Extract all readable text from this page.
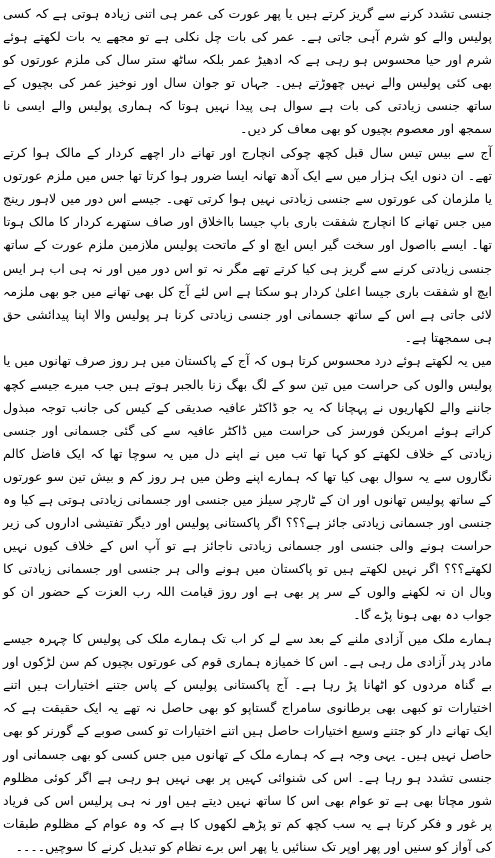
جنسی تشدد کرنے سے گریز کرتے ہیں یا پھر عورت کی عمر ہی اتنی زیادہ ہوتی ہے کہ کسی پولیس والے کو شرم آہی جاتی ہے۔ عمر کی بات چل نکلی ہے تو مجھے یہ بات لکھتے ہوئے شرم اور حیا محسوس ہو رہی ہے کہ ادھیڑ عمر بلکہ ساٹھ ستر سال کی ملزم عورتوں کو بھی کئی پولیس والے نہیں چھوڑتے ہیں۔ جہاں تو جوان سال اور نوخیز عمر کی بچیوں کے ساتھ جنسی زیادتی کی بات ہے سوال ہی پیدا نہیں ہوتا کہ ہماری پولیس والے ایسی نا سمجھ اور معصوم بچیوں کو بھی معاف کر دیں۔

آج سے بیس تیس سال قبل کچھ چوکی انچارج اور تھانے دار اچھے کردار کے مالک ہوا کرتے تھے۔ ان دنوں ایک ہزار میں سے ایک آدھ تھانہ ایسا ضرور ہوا کرتا تھا جس میں ملزم عورتوں یا ملزمان کی عورتوں سے جنسی زیادتی نہیں ہوا کرتی تھی۔ جیسے اس دور میں لاہور رینج میں جس تھانے کا انچارج شفقت باری باپ جیسا بااخلاق اور صاف ستھرے کردار کا مالک ہوتا تھا۔ ایسے بااصول اور سخت گیر ایس ایچ او کے ماتحت پولیس ملازمین ملزم عورت کے ساتھ جنسی زیادتی کرنے سے گریز ہی کیا کرتے تھے مگر نہ تو اس دور میں اور نہ ہی اب ہر ایس ایچ او شفقت باری جیسا اعلیٰ کردار ہو سکتا ہے اس لئے آج کل بھی تھانے میں جو بھی ملزمہ لائی جاتی ہے اس کے ساتھ جسمانی اور جنسی زیادتی کرنا ہر پولیس والا اپنا پیدائشی حق ہی سمجھتا ہے۔

میں یہ لکھتے ہوئے درد محسوس کرتا ہوں کہ آج کے پاکستان میں ہر روز صرف تھانوں میں یا پولیس والوں کی حراست میں تین سو کے لگ بھگ زنا بالجبر ہوتے ہیں جب میرے جیسے کچھ جاننے والے لکھاریوں نے پہچانا کہ یہ جو ڈاکٹر عافیہ صدیقی کے کیس کی جانب توجہ مبذول کراتے ہوئے امریکن فورسز کی حراست میں ڈاکٹر عافیہ سے کی گئی جسمانی اور جنسی زیادتی کے خلاف لکھتے کو کہا تھا تب میں نے اپنے دل میں یہ سوچا تھا کہ ایک فاضل کالم نگاروں سے یہ سوال بھی کیا تھا کہ ہمارے اپنے وطن میں ہر روز کم و بیش تین سو عورتوں کے ساتھ پولیس تھانوں اور ان کے ٹارچر سیلز میں جنسی اور جسمانی زیادتی ہوتی ہے کیا وہ جنسی اور جسمانی زیادتی جائز ہے؟؟؟ اگر پاکستانی پولیس اور دیگر تفتیشی اداروں کی زیر حراست ہونے والی جنسی اور جسمانی زیادتی ناجائز ہے تو آپ اس کے خلاف کیوں نہیں لکھتے؟؟؟ اگر نہیں لکھتے ہیں تو پاکستان میں ہونے والی ہر جنسی اور جسمانی زیادتی کا وبال ان نہ لکھنے والوں کے سر پر بھی ہے اور روز قیامت اللہ رب العزت کے حضور ان کو جواب دہ بھی ہونا پڑے گا۔

ہمارے ملک میں آزادی ملنے کے بعد سے لے کر اب تک ہمارے ملک کی پولیس کا چہرہ جیسے مادر پدر آزادی مل رہی ہے۔ اس کا خمیازہ ہماری قوم کی عورتوں بچیوں کم سن لڑکوں اور بے گناہ مردوں کو اٹھانا پڑ رہا ہے۔ آج پاکستانی پولیس کے پاس جتنے اختیارات ہیں اتنے اختیارات تو کبھی بھی برطانوی سامراج گستاپو کو بھی حاصل نہ تھے یہ ایک حقیقت ہے کہ ایک تھانے دار کو جتنے وسیع اختیارات حاصل ہیں اتنے اختیارات تو کسی صوبے کے گورنر کو بھی حاصل نہیں ہیں۔ یہی وجہ ہے کہ ہمارے ملک کے تھانوں میں جس کسی کو بھی جسمانی اور جنسی تشدد ہو رہا ہے۔ اس کی شنوائی کہیں پر بھی نہیں ہو رہی ہے اگر کوئی مظلوم شور مچاتا بھی ہے تو عوام بھی اس کا ساتھ نہیں دیتے ہیں اور نہ ہی پرلیس اس کی فریاد پر غور و فکر کرتا ہے یہ سب کچھ کم تو پڑھے لکھوں کا ہے کہ وہ عوام کے مظلوم طبقات کی آواز کو سنیں اور پھر اوپر تک سنائیں یا پھر اس برے نظام کو تبدیل کرنے کا سوچیں۔۔۔۔
